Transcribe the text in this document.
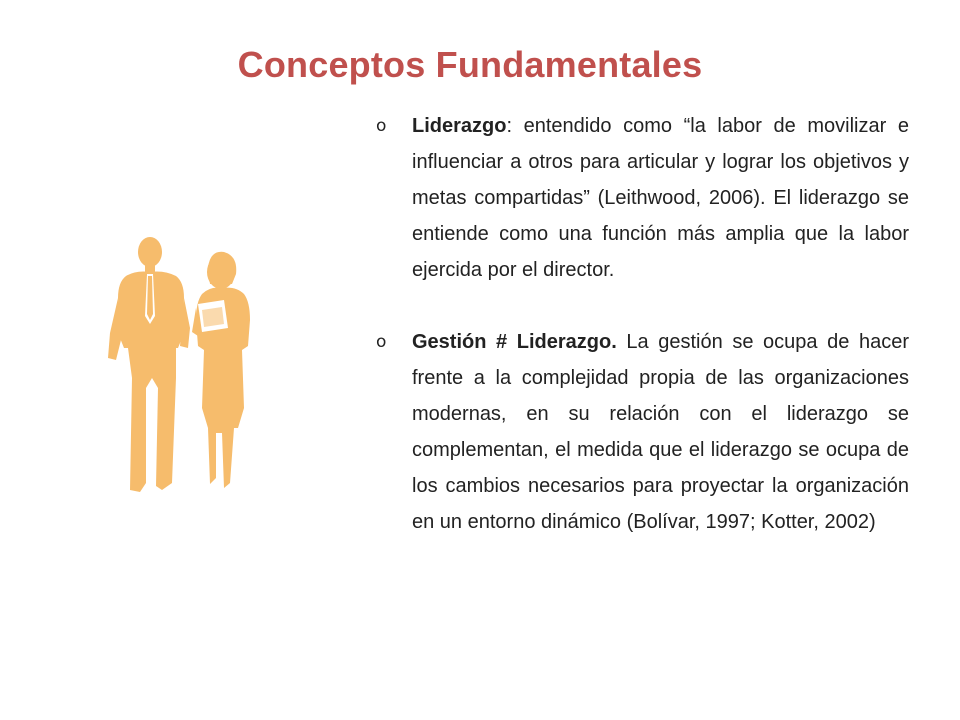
Conceptos Fundamentales
o Liderazgo: entendido como “la labor de movilizar e influenciar a otros para articular y lograr los objetivos y metas compartidas” (Leithwood, 2006). El liderazgo se entiende como una función más amplia que la labor ejercida por el director.
o Gestión # Liderazgo. La gestión se ocupa de hacer frente a la complejidad propia de las organizaciones modernas, en su relación con el liderazgo se complementan, el medida que el liderazgo se ocupa de los cambios necesarios para proyectar la organización en un entorno dinámico (Bolívar, 1997; Kotter, 2002)
